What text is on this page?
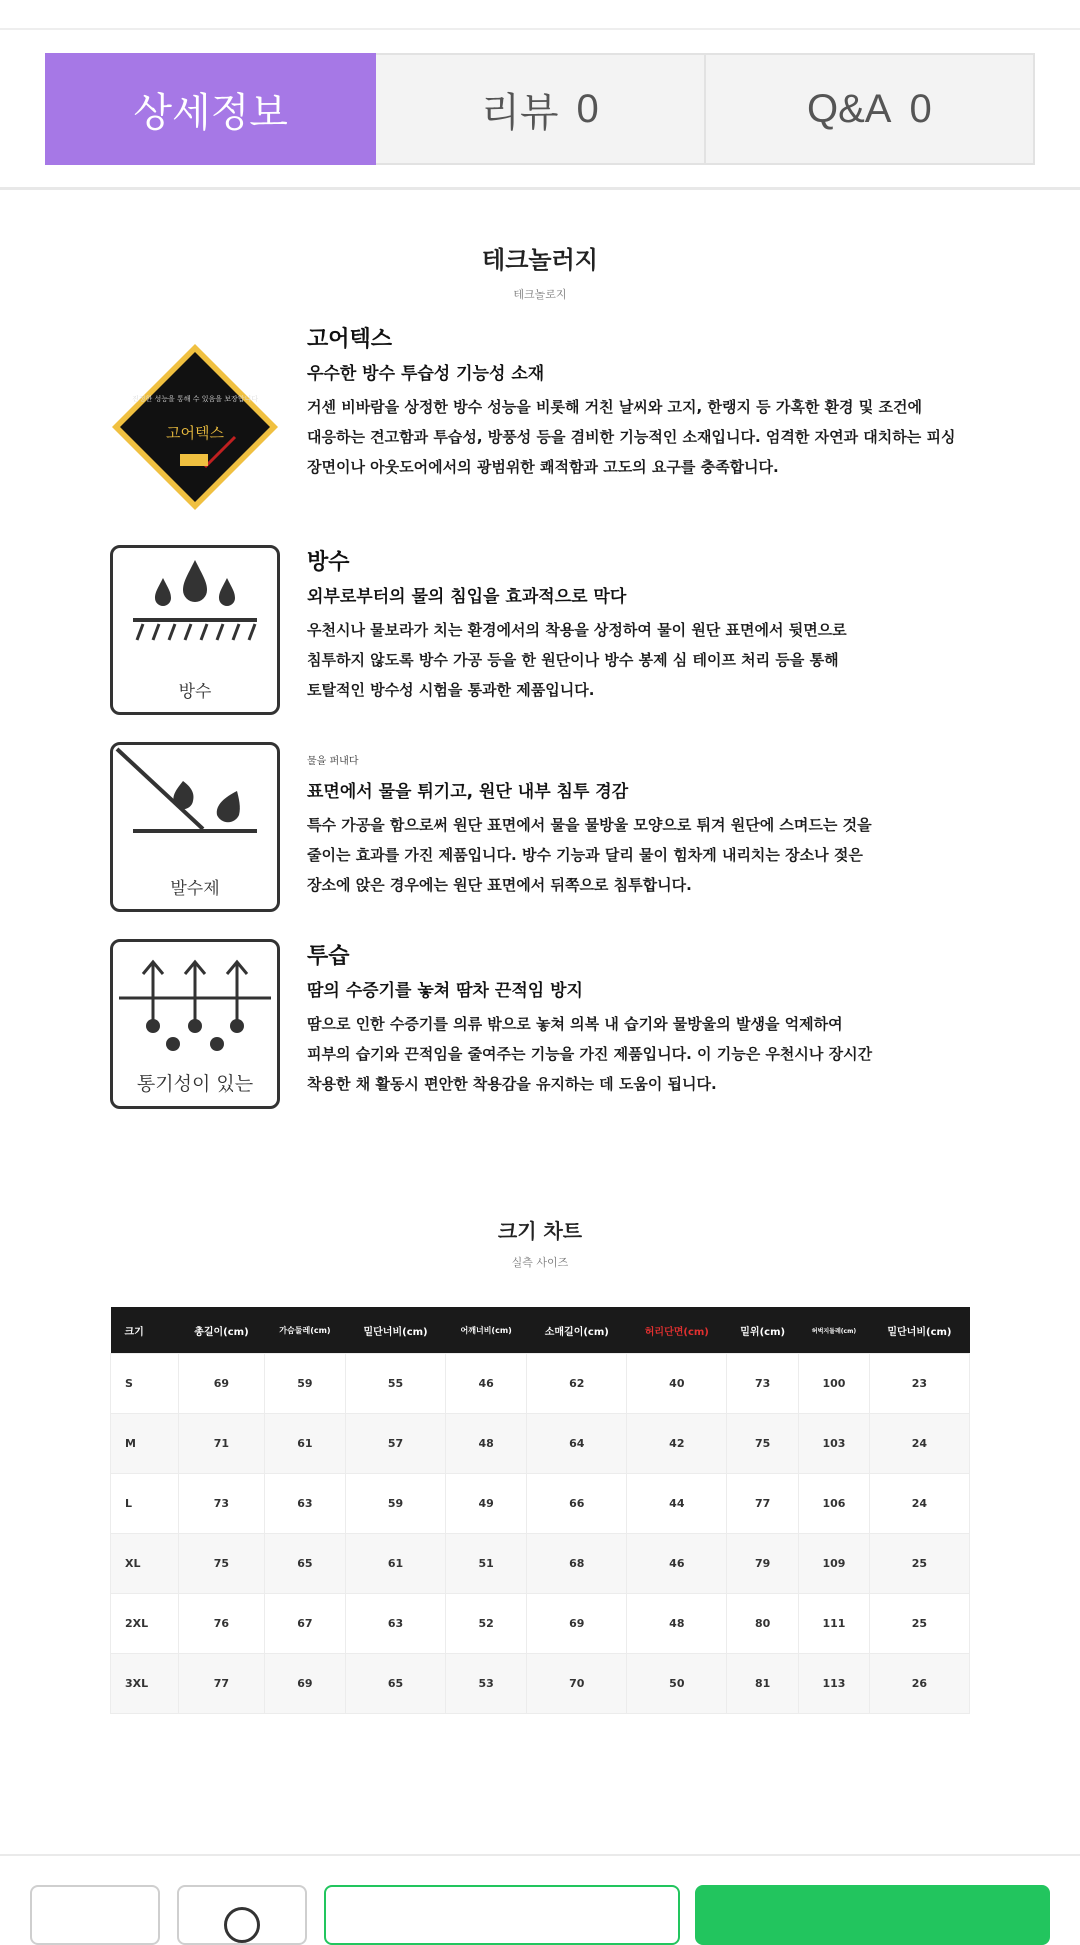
상세정보	리뷰 0	Q&A 0
테크놀러지
테크놀로지
진정한 성능을 통해 수 있음을 보장합니다
고어텍스
고어텍스
우수한 방수 투습성 기능성 소재
거센 비바람을 상정한 방수 성능을 비롯해 거친 날씨와 고지, 한랭지 등 가혹한 환경 및 조건에
대응하는 견고함과 투습성, 방풍성 등을 겸비한 기능적인 소재입니다. 엄격한 자연과 대치하는 피싱
장면이나 아웃도어에서의 광범위한 쾌적함과 고도의 요구를 충족합니다.
방수
방수
외부로부터의 물의 침입을 효과적으로 막다
우천시나 물보라가 치는 환경에서의 착용을 상정하여 물이 원단 표면에서 뒷면으로
침투하지 않도록 방수 가공 등을 한 원단이나 방수 봉제 심 테이프 처리 등을 통해
토탈적인 방수성 시험을 통과한 제품입니다.
발수제
물을 퍼내다
표면에서 물을 튀기고, 원단 내부 침투 경감
특수 가공을 함으로써 원단 표면에서 물을 물방울 모양으로 튀겨 원단에 스며드는 것을
줄이는 효과를 가진 제품입니다. 방수 기능과 달리 물이 힘차게 내리치는 장소나 젖은
장소에 앉은 경우에는 원단 표면에서 뒤쪽으로 침투합니다.
통기성이 있는
투습
땀의 수증기를 놓쳐 땀차 끈적임 방지
땀으로 인한 수증기를 의류 밖으로 놓쳐 의복 내 습기와 물방울의 발생을 억제하여
피부의 습기와 끈적임을 줄여주는 기능을 가진 제품입니다. 이 기능은 우천시나 장시간
착용한 채 활동시 편안한 착용감을 유지하는 데 도움이 됩니다.
크기 차트
실측 사이즈
크기	총길이(cm)	가슴둘레(cm)	밑단너비(cm)	어깨너비(cm)	소매길이(cm)	허리단면(cm)	밑위(cm)	허벅지둘레(cm)	밑단너비(cm)
S	69	59	55	46	62	40	73	100	23
M	71	61	57	48	64	42	75	103	24
L	73	63	59	49	66	44	77	106	24
XL	75	65	61	51	68	46	79	109	25
2XL	76	67	63	52	69	48	80	111	25
3XL	77	69	65	53	70	50	81	113	26
